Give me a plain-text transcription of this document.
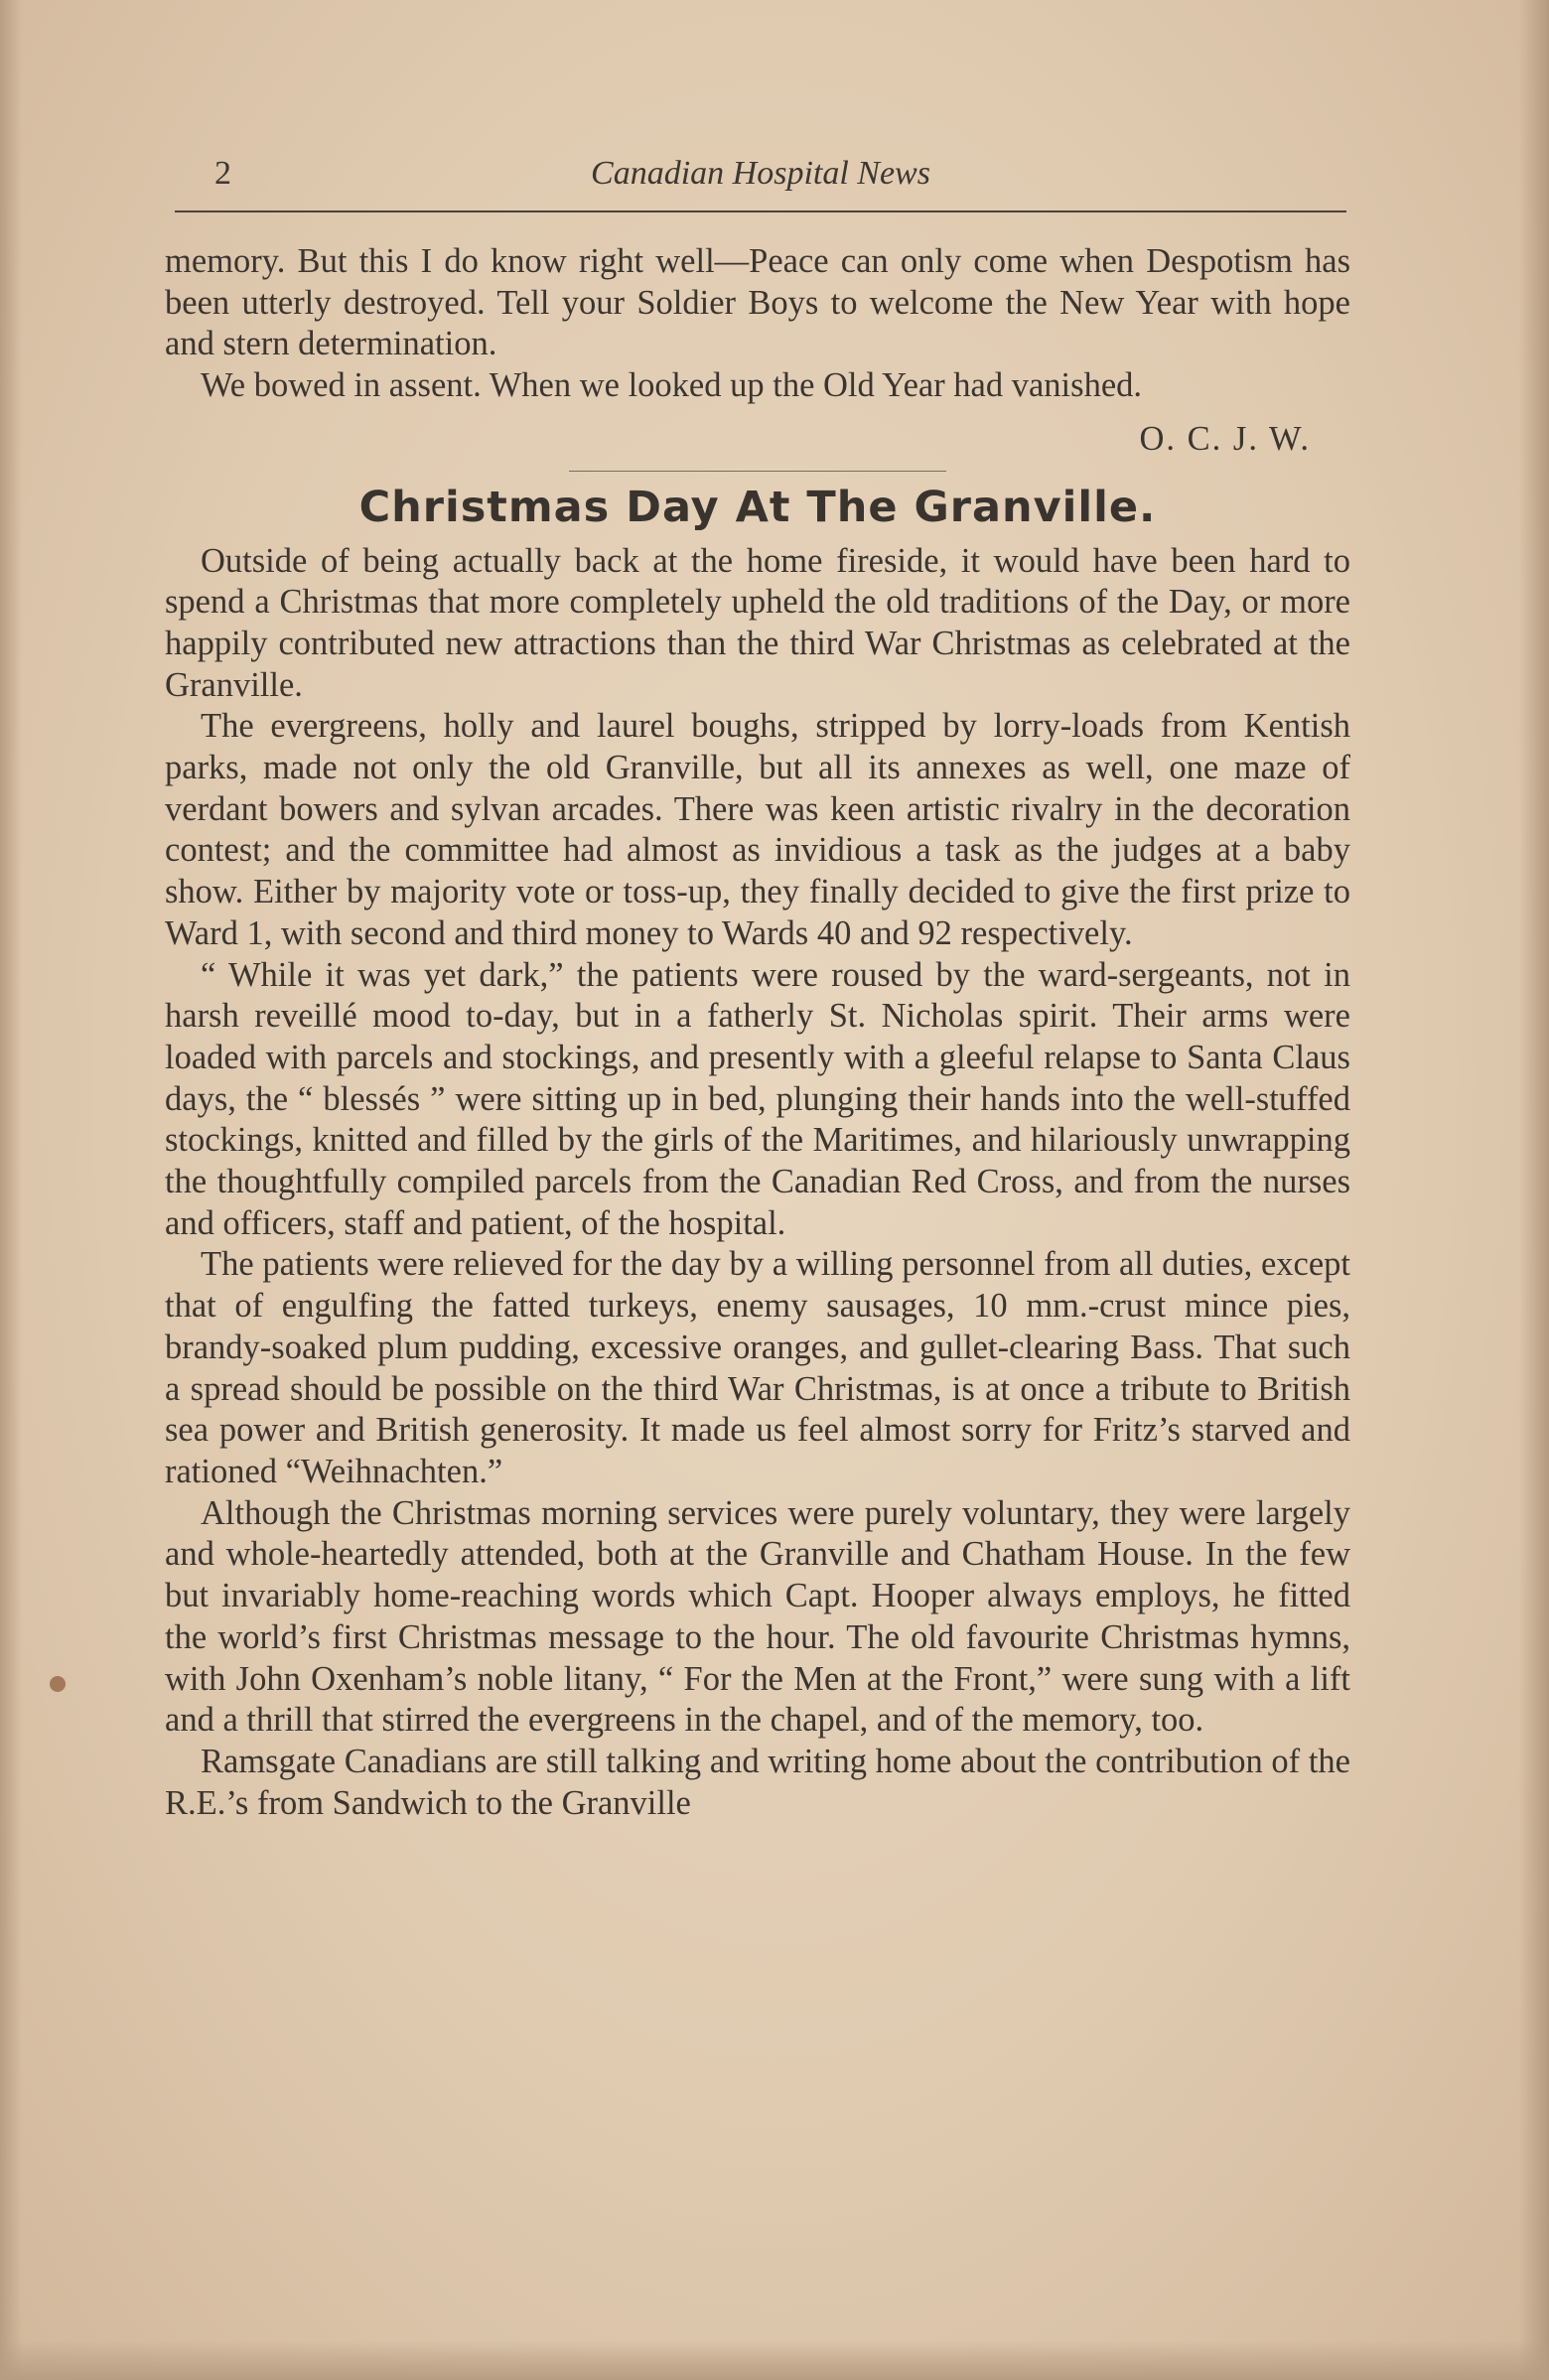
2	Canadian Hospital News

memory. But this I do know right well—Peace can only come when Despotism has been utterly destroyed. Tell your Soldier Boys to welcome the New Year with hope and stern determination.

We bowed in assent. When we looked up the Old Year had vanished.

O. C. J. W.

Christmas Day At The Granville.

Outside of being actually back at the home fireside, it would have been hard to spend a Christmas that more completely upheld the old traditions of the Day, or more happily contributed new attractions than the third War Christmas as celebrated at the Granville.

The evergreens, holly and laurel boughs, stripped by lorry-loads from Kentish parks, made not only the old Granville, but all its annexes as well, one maze of verdant bowers and sylvan arcades. There was keen artistic rivalry in the decoration contest; and the committee had almost as invidious a task as the judges at a baby show. Either by majority vote or toss-up, they finally decided to give the first prize to Ward 1, with second and third money to Wards 40 and 92 respectively.

“ While it was yet dark,” the patients were roused by the ward-sergeants, not in harsh reveillé mood to-day, but in a fatherly St. Nicholas spirit. Their arms were loaded with parcels and stockings, and presently with a gleeful relapse to Santa Claus days, the “ blessés ” were sitting up in bed, plunging their hands into the well-stuffed stockings, knitted and filled by the girls of the Maritimes, and hilariously unwrapping the thoughtfully compiled parcels from the Canadian Red Cross, and from the nurses and officers, staff and patient, of the hospital.

The patients were relieved for the day by a willing personnel from all duties, except that of engulfing the fatted turkeys, enemy sausages, 10 mm.-crust mince pies, brandy-soaked plum pudding, excessive oranges, and gullet-clearing Bass. That such a spread should be possible on the third War Christmas, is at once a tribute to British sea power and British generosity. It made us feel almost sorry for Fritz’s starved and rationed “Weihnachten.”

Although the Christmas morning services were purely voluntary, they were largely and whole-heartedly attended, both at the Granville and Chatham House. In the few but invariably home-reaching words which Capt. Hooper always employs, he fitted the world’s first Christmas message to the hour. The old favourite Christmas hymns, with John Oxenham’s noble litany, “ For the Men at the Front,” were sung with a lift and a thrill that stirred the evergreens in the chapel, and of the memory, too.

Ramsgate Canadians are still talking and writing home about the contribution of the R.E.’s from Sandwich to the Granville
